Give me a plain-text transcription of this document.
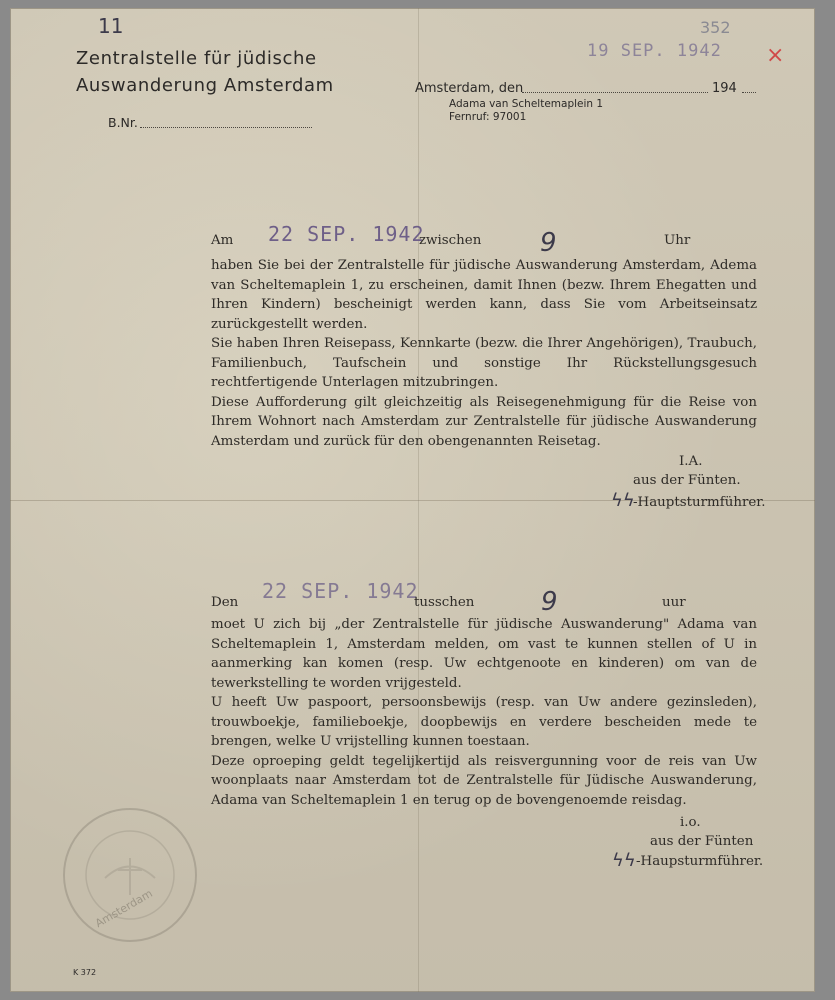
11
Zentralstelle für jüdische
Auswanderung Amsterdam
B.Nr.
Amsterdam, den	194
Adama van Scheltemaplein 1
Fernruf: 97001
19 SEP. 1942
352
×
Am 22 SEP. 1942
zwischen 9	Uhr

haben Sie bei der Zentralstelle für jüdische Auswanderung Amsterdam, Adema van Scheltemaplein 1, zu erscheinen, damit Ihnen (bezw. Ihrem Ehegatten und Ihren Kindern) bescheinigt werden kann, dass Sie vom Arbeitseinsatz zurückgestellt werden.

Sie haben Ihren Reisepass, Kennkarte (bezw. die Ihrer Angehörigen), Traubuch, Familienbuch, Taufschein und sonstige Ihr Rückstellungsgesuch rechtfertigende Unterlagen mitzubringen.

Diese Aufforderung gilt gleichzeitig als Reisegenehmigung für die Reise von Ihrem Wohnort nach Amsterdam zur Zentralstelle für jüdische Auswanderung Amsterdam und zurück für den obengenannten Reisetag.

I.A.
aus der Fünten.
ϟϟ
-Hauptsturmführer.
Den 22 SEP. 1942
tusschen	9	uur

moet U zich bij „der Zentralstelle für jüdische Auswanderung" Adama van Scheltemaplein 1, Amsterdam melden, om vast te kunnen stellen of U in aanmerking kan komen (resp. Uw echtgenoote en kinderen) om van de tewerkstelling te worden vrijgesteld.

U heeft Uw paspoort, persoonsbewijs (resp. van Uw andere gezinsleden), trouwboekje, familieboekje, doopbewijs en verdere bescheiden mede te brengen, welke U vrijstelling kunnen toestaan.

Deze oproeping geldt tegelijkertijd als reisvergunning voor de reis van Uw woonplaats naar Amsterdam tot de Zentralstelle für Jüdische Auswanderung, Adama van Scheltemaplein 1 en terug op de bovengenoemde reisdag.

i.o.
aus der Fünten
ϟϟ -Haupsturmführer.
Amsterdam
K 372
